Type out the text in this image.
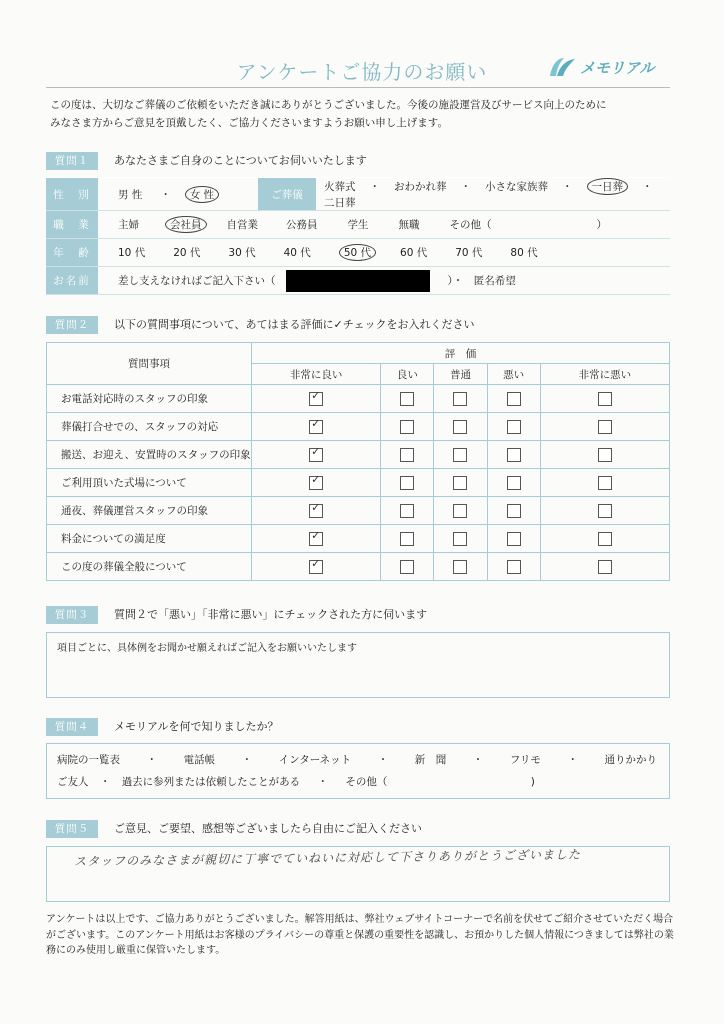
アンケートご協力のお願い	メモリアル
この度は、大切なご葬儀のご依頼をいただき誠にありがとうございました。今後の施設運営及びサービス向上のために
みなさま方からご意見を頂戴したく、ご協力くださいますようお願い申し上げます。
質問１	あなたさまご自身のことについてお伺いいたします
性　別	男 性 ・ 女 性	ご葬儀	火葬式 ・ おわかれ葬 ・ 小さな家族葬 ・ 一日葬 ・二日葬
職　業	主婦 会社員 自営業 公務員 学生 無職 その他（　　　　　　　　　　）		
年　齢	10 代 20 代 30 代 40 代 50 代 60 代 70 代 80 代		
お名前	差し支えなければご記入下さい（ ）・　匿名希望		
質問２	以下の質問事項について、あてはまる評価に✓チェックをお入れください
質問事項	評　価				
	非常に良い	良い	普通	悪い	非常に悪い
お電話対応時のスタッフの印象	✓				

葬儀打合せでの、スタッフの対応	✓				

搬送、お迎え、安置時のスタッフの印象	✓				

ご利用頂いた式場について	✓				

通夜、葬儀運営スタッフの印象	✓				

料金についての満足度	✓				

この度の葬儀全般について	✓				

質問３	質問２で「悪い」「非常に悪い」にチェックされた方に伺います
項目ごとに、具体例をお聞かせ願えればご記入をお願いいたします
質問４	メモリアルを何で知りましたか？
病院の一覧表	・	電話帳	・	インターネット	・	新　聞	・	フリモ	・	通りかかり
ご友人 ・ 過去に参列または依頼したことがある ・ その他（	)
質問５	ご意見、ご要望、感想等ございましたら自由にご記入ください
スタッフのみなさまが親切に丁寧でていねいに対応して下さりありがとうございました
アンケートは以上です、ご協力ありがとうございました。解答用紙は、弊社ウェブサイトコーナーで名前を伏せてご紹介させていただく場合
がございます。このアンケート用紙はお客様のプライバシーの尊重と保護の重要性を認識し、お預かりした個人情報につきましては弊社の業
務にのみ使用し厳重に保管いたします。
